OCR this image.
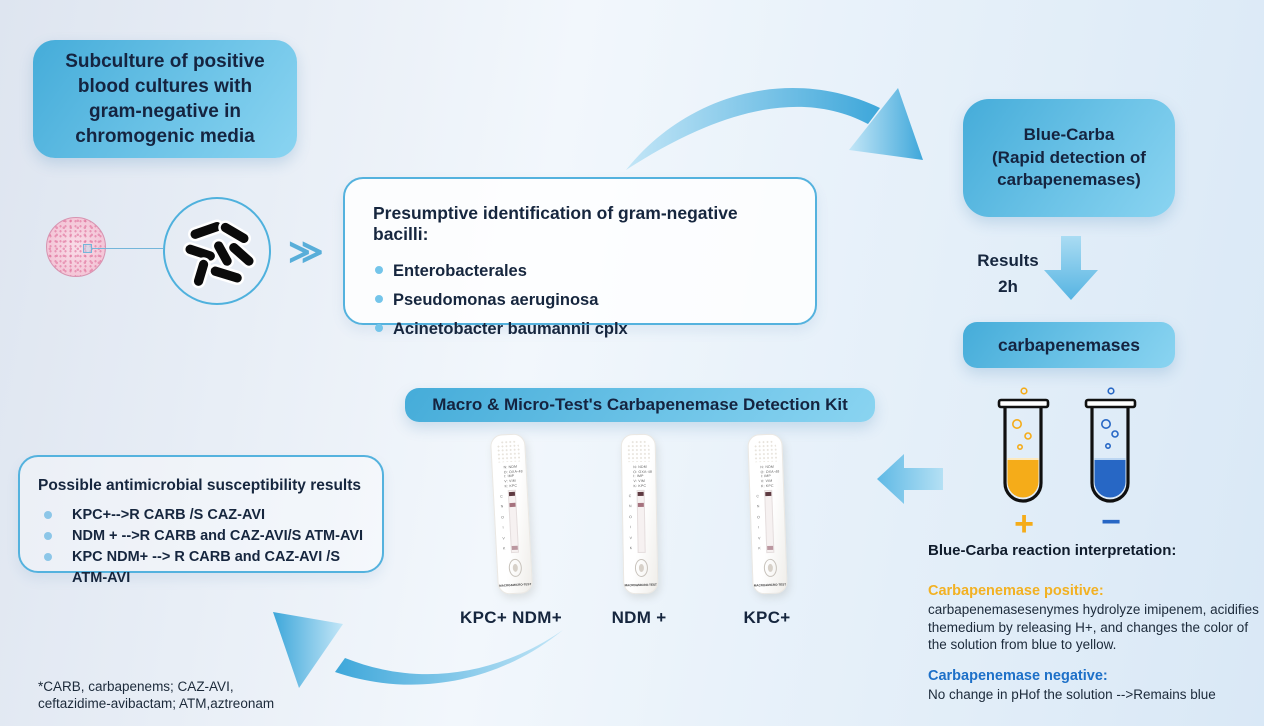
Subculture of positive blood cultures with gram-negative in chromogenic media
≫
Presumptive identification of gram-negative bacilli:
Enterobacterales
Pseudomonas aeruginosa
Acinetobacter baumannii cplx
Blue-Carba
(Rapid detection of
carbapenemases)
Results
2h
carbapenemases
+ −
Blue-Carba reaction interpretation:
Carbapenemase positive:
carbapenemasesenymes hydrolyze imipenem, acidifies themedium by releasing H+, and changes the color of the solution from blue to yellow.
Carbapenemase negative:
No change in pHof the solution -->Remains blue
Macro & Micro-Test's Carbapenemase Detection Kit
N: NDM
O: OXA-48
I: IMP
V: VIM
K: KPC
C
N
O
I
V
K
MACRO&MICRO-TEST
KPC+ NDM+
N: NDM
O: OXA-48
I: IMP
V: VIM
K: KPC
C
N
O
I
V
K
MACRO&MICRO-TEST
NDM +
N: NDM
O: OXA-48
I: IMP
V: VIM
K: KPC
C
N
O
I
V
K
MACRO&MICRO-TEST
KPC+
Possible antimicrobial susceptibility results
KPC+-->R CARB /S CAZ-AVI
NDM + -->R CARB and CAZ-AVI/S ATM-AVI
KPC NDM+ --> R CARB and CAZ-AVI /S ATM-AVI
*CARB, carbapenems; CAZ-AVI, ceftazidime-avibactam; ATM,aztreonam
